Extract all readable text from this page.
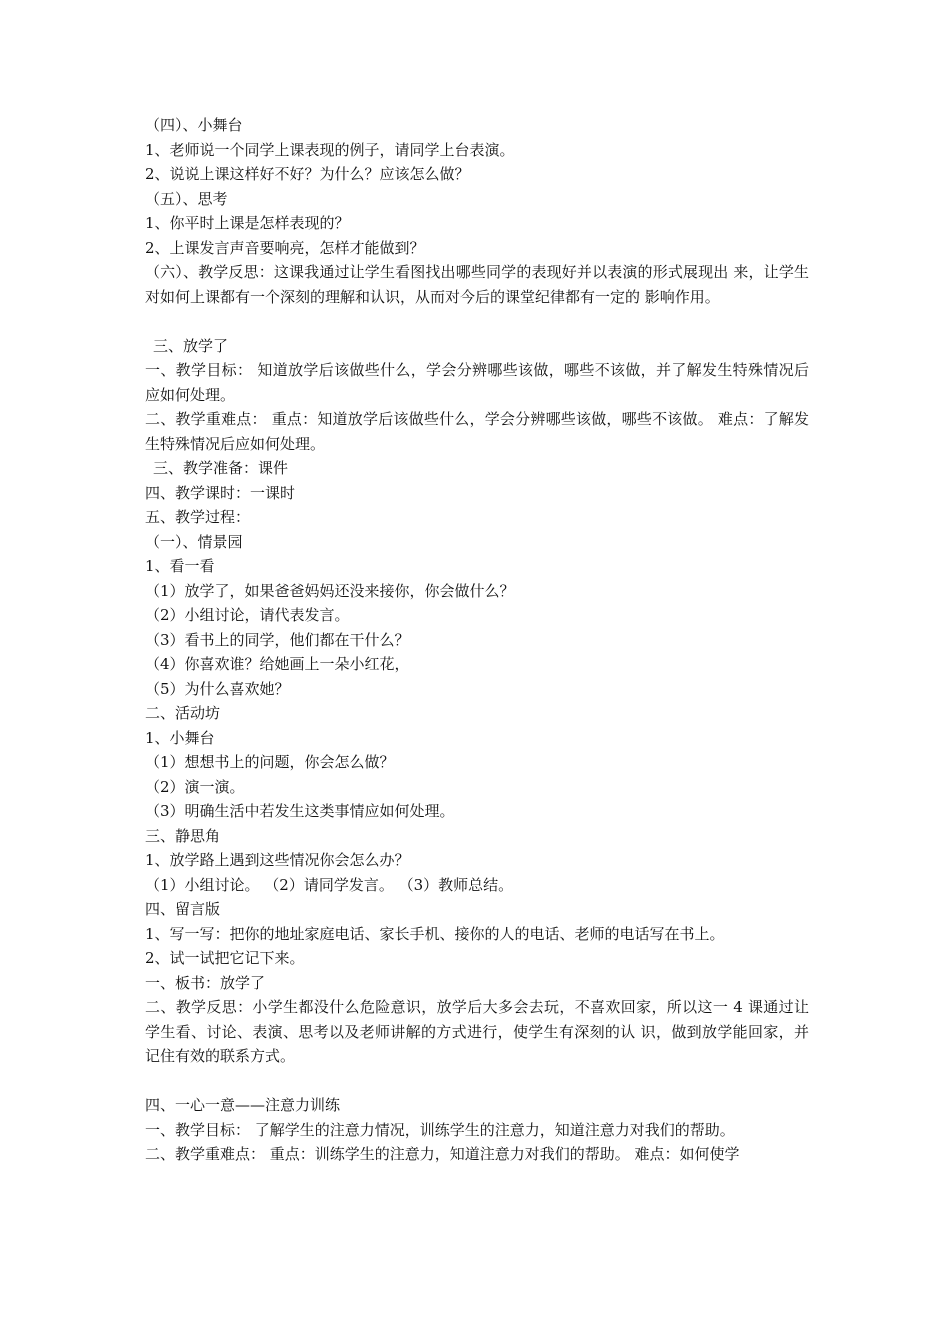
（四）、小舞台
1、老师说一个同学上课表现的例子，请同学上台表演。
2、说说上课这样好不好？为什么？应该怎么做？
（五）、思考
1、你平时上课是怎样表现的？
2、上课发言声音要响亮，怎样才能做到？
（六）、教学反思：这课我通过让学生看图找出哪些同学的表现好并以表演的形式展现出 来，让学生对如何上课都有一个深刻的理解和认识，从而对今后的课堂纪律都有一定的 影响作用。
三、放学了
一、教学目标： 知道放学后该做些什么，学会分辨哪些该做，哪些不该做，并了解发生特殊情况后 应如何处理。
二、教学重难点： 重点：知道放学后该做些什么，学会分辨哪些该做，哪些不该做。 难点：了解发生特殊情况后应如何处理。
三、教学准备：课件
四、教学课时：一课时
五、教学过程：
（一）、情景园
1、看一看
（1）放学了，如果爸爸妈妈还没来接你，你会做什么？
（2）小组讨论，请代表发言。
（3）看书上的同学，他们都在干什么？
（4）你喜欢谁？给她画上一朵小红花，
（5）为什么喜欢她？
二、活动坊
1、小舞台
（1）想想书上的问题，你会怎么做？
（2）演一演。
（3）明确生活中若发生这类事情应如何处理。
三、静思角
1、放学路上遇到这些情况你会怎么办？
（1）小组讨论。 （2）请同学发言。 （3）教师总结。
四、留言版
1、写一写：把你的地址家庭电话、家长手机、接你的人的电话、老师的电话写在书上。
2、试一试把它记下来。
一、板书：放学了
二、教学反思：小学生都没什么危险意识，放学后大多会去玩，不喜欢回家，所以这一 4 课通过让学生看、讨论、表演、思考以及老师讲解的方式进行，使学生有深刻的认 识，做到放学能回家，并记住有效的联系方式。
四、一心一意——注意力训练
一、教学目标： 了解学生的注意力情况，训练学生的注意力，知道注意力对我们的帮助。
二、教学重难点： 重点：训练学生的注意力，知道注意力对我们的帮助。 难点：如何使学
